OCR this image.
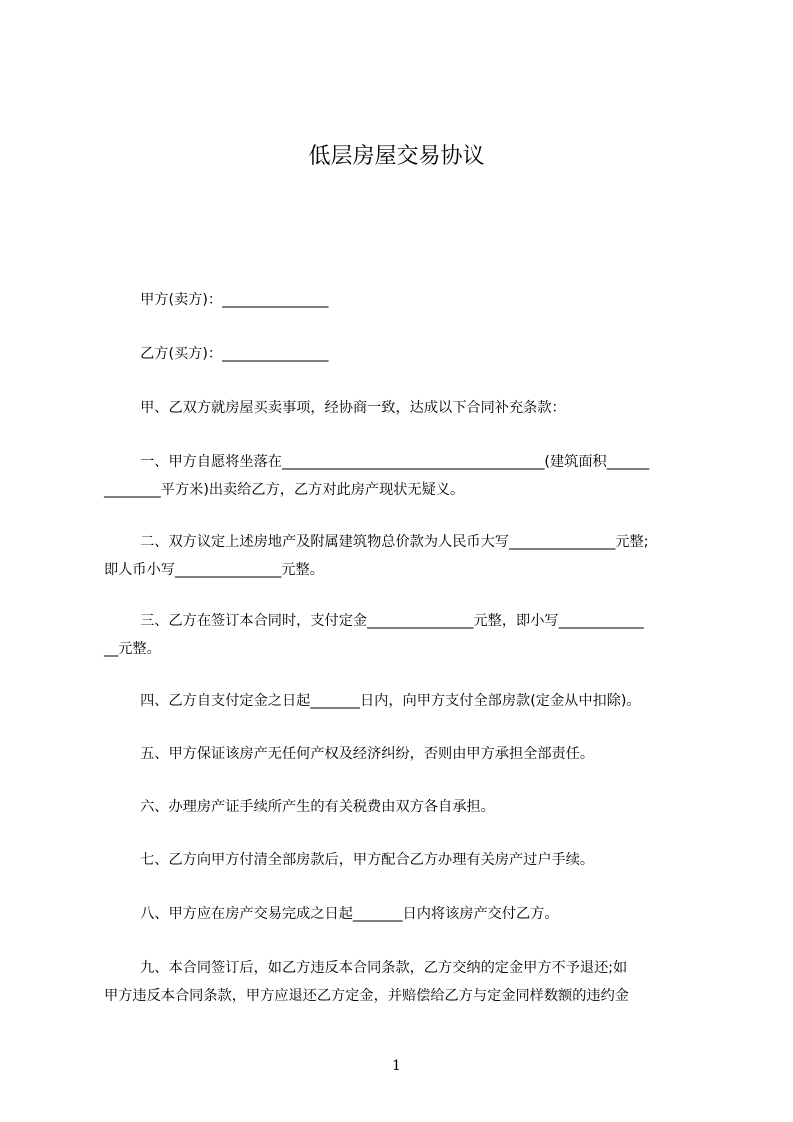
低层房屋交易协议

甲方(卖方)：_______________

乙方(买方)：_______________

甲、乙双方就房屋买卖事项，经协商一致，达成以下合同补充条款：

一、甲方自愿将坐落在_____________________________________(建筑面积______

________平方米)出卖给乙方，乙方对此房产现状无疑义。

二、双方议定上述房地产及附属建筑物总价款为人民币大写_______________元整;

即人币小写_______________元整。

三、乙方在签订本合同时，支付定金_______________元整，即小写____________

__元整。

四、乙方自支付定金之日起_______日内，向甲方支付全部房款(定金从中扣除)。

五、甲方保证该房产无任何产权及经济纠纷，否则由甲方承担全部责任。

六、办理房产证手续所产生的有关税费由双方各自承担。

七、乙方向甲方付清全部房款后，甲方配合乙方办理有关房产过户手续。

八、甲方应在房产交易完成之日起_______日内将该房产交付乙方。

九、本合同签订后，如乙方违反本合同条款，乙方交纳的定金甲方不予退还;如

甲方违反本合同条款，甲方应退还乙方定金，并赔偿给乙方与定金同样数额的违约金

1
